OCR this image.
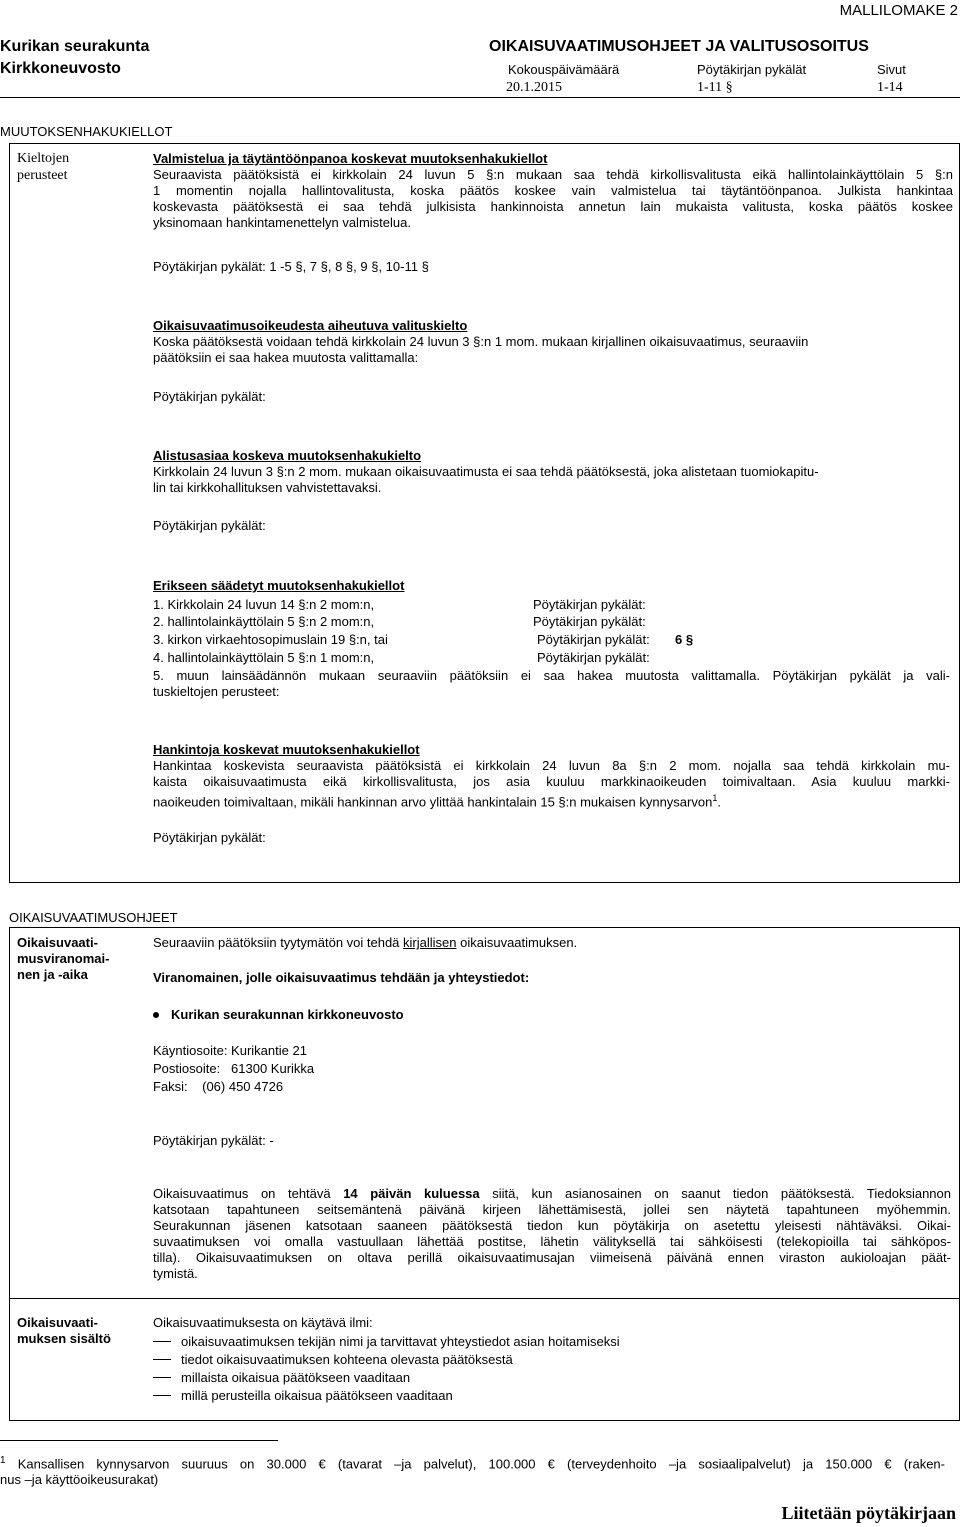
MALLILOMAKE 2
Kurikan seurakunta
Kirkkoneuvosto
OIKAISUVAATIMUSOHJEET JA VALITUSOSOITUS
Kokouspäivämäärä	Pöytäkirjan pykälät	Sivut
20.1.2015	1-11 §	1-14
MUUTOKSENHAKUKIELLOT
Kieltojen
perusteet
Valmistelua ja täytäntöönpanoa koskevat muutoksenhakukiellot
Seuraavista päätöksistä ei kirkkolain 24 luvun 5 §:n mukaan saa tehdä kirkollisvalitusta eikä hallintolainkäyttölain 5 §:n
1 momentin nojalla hallintovalitusta, koska päätös koskee vain valmistelua tai täytäntöönpanoa. Julkista hankintaa
koskevasta päätöksestä ei saa tehdä julkisista hankinnoista annetun lain mukaista valitusta, koska päätös koskee
yksinomaan hankintamenettelyn valmistelua.
Pöytäkirjan pykälät: 1 -5 §, 7 §, 8 §, 9 §, 10-11 §
Oikaisuvaatimusoikeudesta aiheutuva valituskielto
Koska päätöksestä voidaan tehdä kirkkolain 24 luvun 3 §:n 1 mom. mukaan kirjallinen oikaisuvaatimus, seuraaviin
päätöksiin ei saa hakea muutosta valittamalla:
Pöytäkirjan pykälät:
Alistusasiaa koskeva muutoksenhakukielto
Kirkkolain 24 luvun 3 §:n 2 mom. mukaan oikaisuvaatimusta ei saa tehdä päätöksestä, joka alistetaan tuomiokapitu-
lin tai kirkkohallituksen vahvistettavaksi.
Pöytäkirjan pykälät:
Erikseen säädetyt muutoksenhakukiellot
1. Kirkkolain 24 luvun 14 §:n 2 mom:n,	Pöytäkirjan pykälät:
2. hallintolainkäyttölain 5 §:n 2 mom:n,	Pöytäkirjan pykälät:
3. kirkon virkaehtosopimuslain 19 §:n, tai	Pöytäkirjan pykälät: 6 §
4. hallintolainkäyttölain 5 §:n 1 mom:n,	Pöytäkirjan pykälät:
5. muun lainsäädännön mukaan seuraaviin päätöksiin ei saa hakea muutosta valittamalla. Pöytäkirjan pykälät ja vali-
tuskieltojen perusteet:
Hankintoja koskevat muutoksenhakukiellot
Hankintaa koskevista seuraavista päätöksistä ei kirkkolain 24 luvun 8a §:n 2 mom. nojalla saa tehdä kirkkolain mu-
kaista oikaisuvaatimusta eikä kirkollisvalitusta, jos asia kuuluu markkinaoikeuden toimivaltaan. Asia kuuluu markki-
naoikeuden toimivaltaan, mikäli hankinnan arvo ylittää hankintalain 15 §:n mukaisen kynnysarvon$^1$.
Pöytäkirjan pykälät:
OIKAISUVAATIMUSOHJEET
Oikaisuvaati-
musviranomai-
nen ja -aika
Seuraaviin päätöksiin tyytymätön voi tehdä kirjallisen oikaisuvaatimuksen.
Viranomainen, jolle oikaisuvaatimus tehdään ja yhteystiedot:
Kurikan seurakunnan kirkkoneuvosto
Käyntiosoite: Kurikantie 21
Postiosoite:   61300 Kurikka
Faksi:    (06) 450 4726
Pöytäkirjan pykälät: -
Oikaisuvaatimus on tehtävä 14 päivän kuluessa siitä, kun asianosainen on saanut tiedon päätöksestä. Tiedoksiannon
katsotaan tapahtuneen seitsemäntenä päivänä kirjeen lähettämisestä, jollei sen näytetä tapahtuneen myöhemmin.
Seurakunnan jäsenen katsotaan saaneen päätöksestä tiedon kun pöytäkirja on asetettu yleisesti nähtäväksi. Oikai-
suvaatimuksen voi omalla vastuullaan lähettää postitse, lähetin välityksellä tai sähköisesti (telekopioilla tai sähköpos-
tilla). Oikaisuvaatimuksen on oltava perillä oikaisuvaatimusajan viimeisenä päivänä ennen viraston aukioloajan päät-
tymistä.
Oikaisuvaati-
muksen sisältö
Oikaisuvaatimuksesta on käytävä ilmi:
oikaisuvaatimuksen tekijän nimi ja tarvittavat yhteystiedot asian hoitamiseksi
tiedot oikaisuvaatimuksen kohteena olevasta päätöksestä
millaista oikaisua päätökseen vaaditaan
millä perusteilla oikaisua päätökseen vaaditaan
$^1$ Kansallisen kynnysarvon suuruus on 30.000 € (tavarat –ja palvelut), 100.000 € (terveydenhoito –ja sosiaalipalvelut) ja 150.000 € (raken-
nus –ja käyttöoikeusurakat)
Liitetään pöytäkirjaan
